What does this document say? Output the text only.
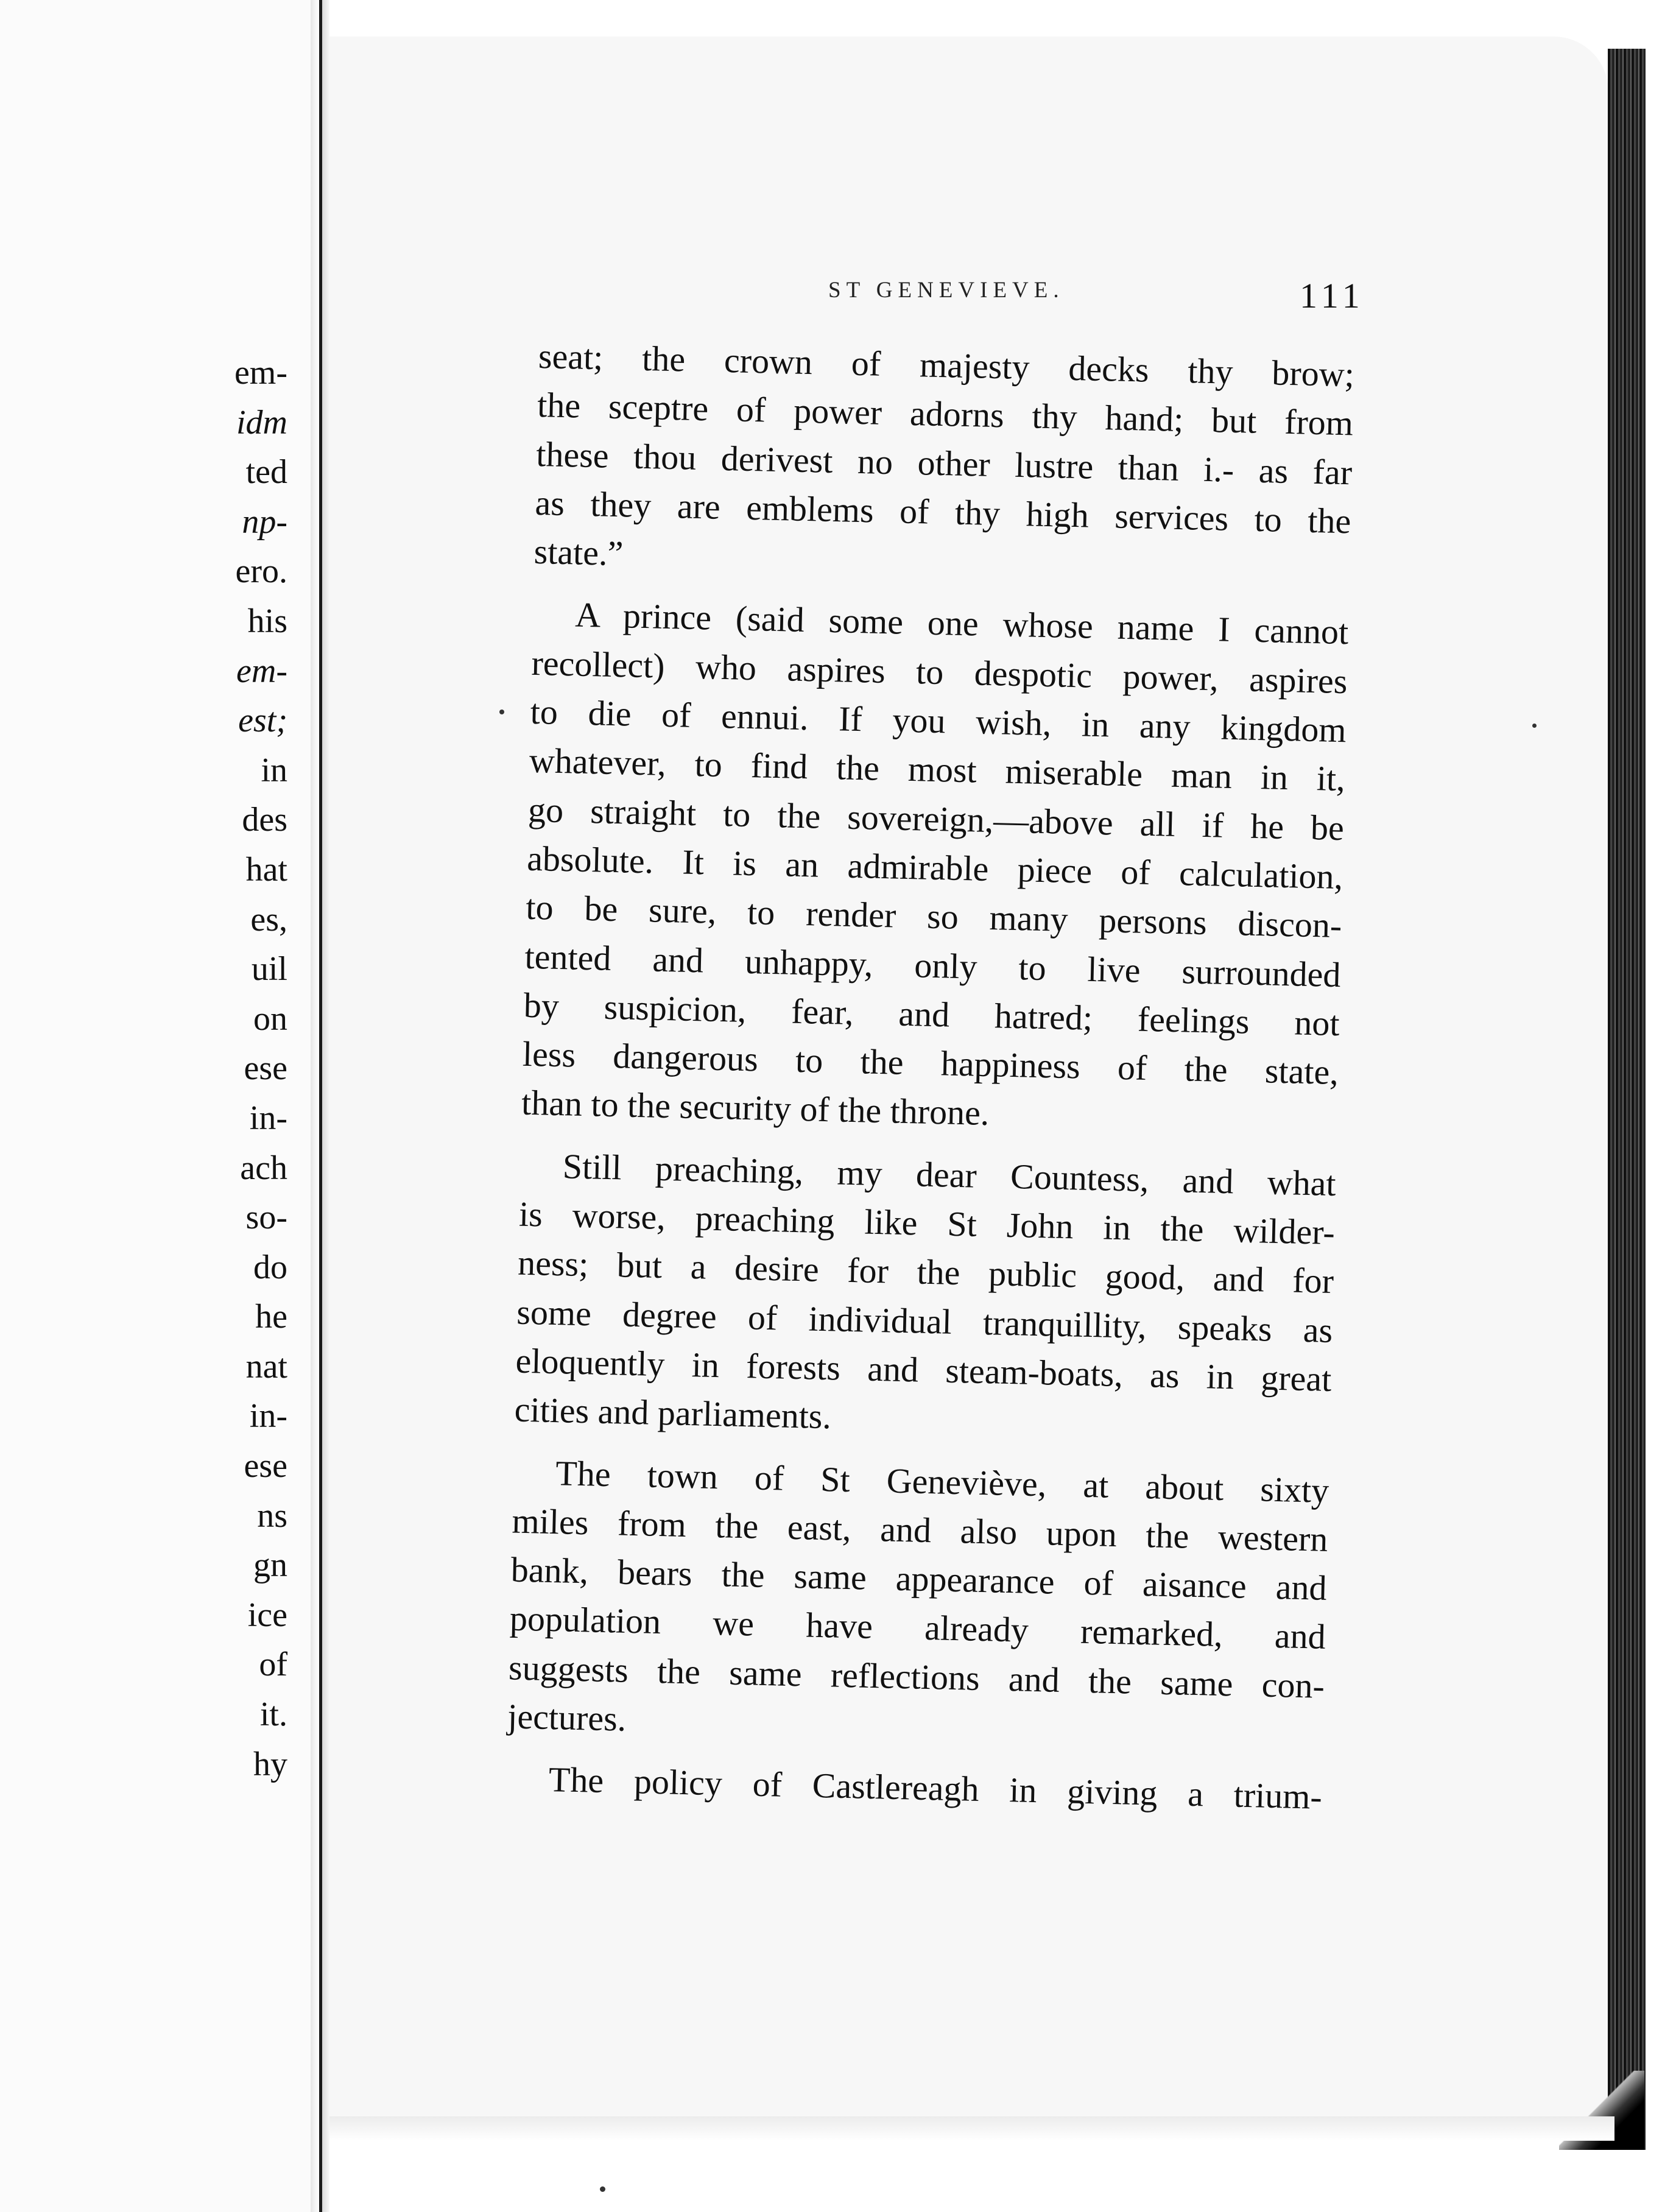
em-
idm
ted
np-
ero.
his
em-
est;
in
des
hat
es,
uil
on
ese
in-
ach
so-
do
he
nat
in-
ese
ns
gn
ice
of
it.
hy
ST GENEVIEVE.	111
seat; the crown of majesty decks thy brow;
the sceptre of power adorns thy hand; but from
these thou derivest no other lustre than i.- as far
as they are emblems of thy high services to the
state.”
A prince (said some one whose name I cannot
recollect) who aspires to despotic power, aspires
to die of ennui. If you wish, in any kingdom
whatever, to find the most miserable man in it,
go straight to the sovereign,—above all if he be
absolute. It is an admirable piece of calculation,
to be sure, to render so many persons discon-
tented and unhappy, only to live surrounded
by suspicion, fear, and hatred; feelings not
less dangerous to the happiness of the state,
than to the security of the throne.
Still preaching, my dear Countess, and what
is worse, preaching like St John in the wilder-
ness; but a desire for the public good, and for
some degree of individual tranquillity, speaks as
eloquently in forests and steam-boats, as in great
cities and parliaments.
The town of St Geneviève, at about sixty
miles from the east, and also upon the western
bank, bears the same appearance of aisance and
population we have already remarked, and
suggests the same reflections and the same con-
jectures.
The policy of Castlereagh in giving a trium-
